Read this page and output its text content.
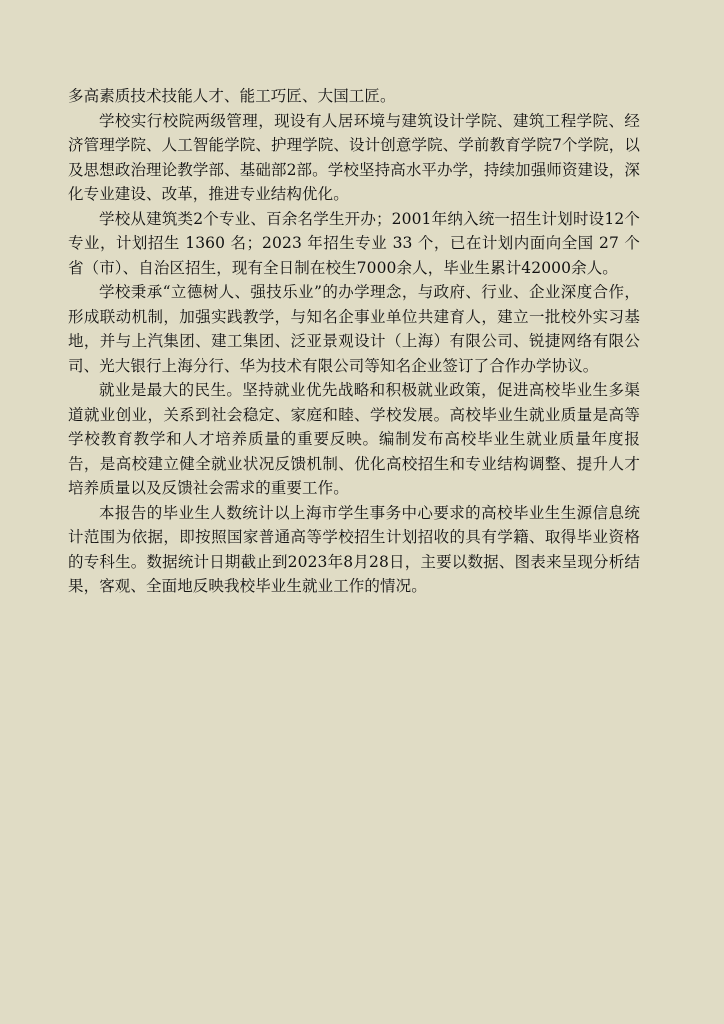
多高素质技术技能人才、能工巧匠、大国工匠。

学校实行校院两级管理，现设有人居环境与建筑设计学院、建筑工程学院、经济管理学院、人工智能学院、护理学院、设计创意学院、学前教育学院7个学院，以及思想政治理论教学部、基础部2部。学校坚持高水平办学，持续加强师资建设，深化专业建设、改革，推进专业结构优化。

学校从建筑类2个专业、百余名学生开办；2001年纳入统一招生计划时设12个专业，计划招生 1360 名；2023 年招生专业 33 个，已在计划内面向全国 27 个省（市）、自治区招生，现有全日制在校生7000余人，毕业生累计42000余人。

学校秉承“立德树人、强技乐业”的办学理念，与政府、行业、企业深度合作，形成联动机制，加强实践教学，与知名企事业单位共建育人，建立一批校外实习基地，并与上汽集团、建工集团、泛亚景观设计（上海）有限公司、锐捷网络有限公司、光大银行上海分行、华为技术有限公司等知名企业签订了合作办学协议。

就业是最大的民生。坚持就业优先战略和积极就业政策，促进高校毕业生多渠道就业创业，关系到社会稳定、家庭和睦、学校发展。高校毕业生就业质量是高等学校教育教学和人才培养质量的重要反映。编制发布高校毕业生就业质量年度报告，是高校建立健全就业状况反馈机制、优化高校招生和专业结构调整、提升人才培养质量以及反馈社会需求的重要工作。

本报告的毕业生人数统计以上海市学生事务中心要求的高校毕业生生源信息统计范围为依据，即按照国家普通高等学校招生计划招收的具有学籍、取得毕业资格的专科生。数据统计日期截止到2023年8月28日，主要以数据、图表来呈现分析结果，客观、全面地反映我校毕业生就业工作的情况。
